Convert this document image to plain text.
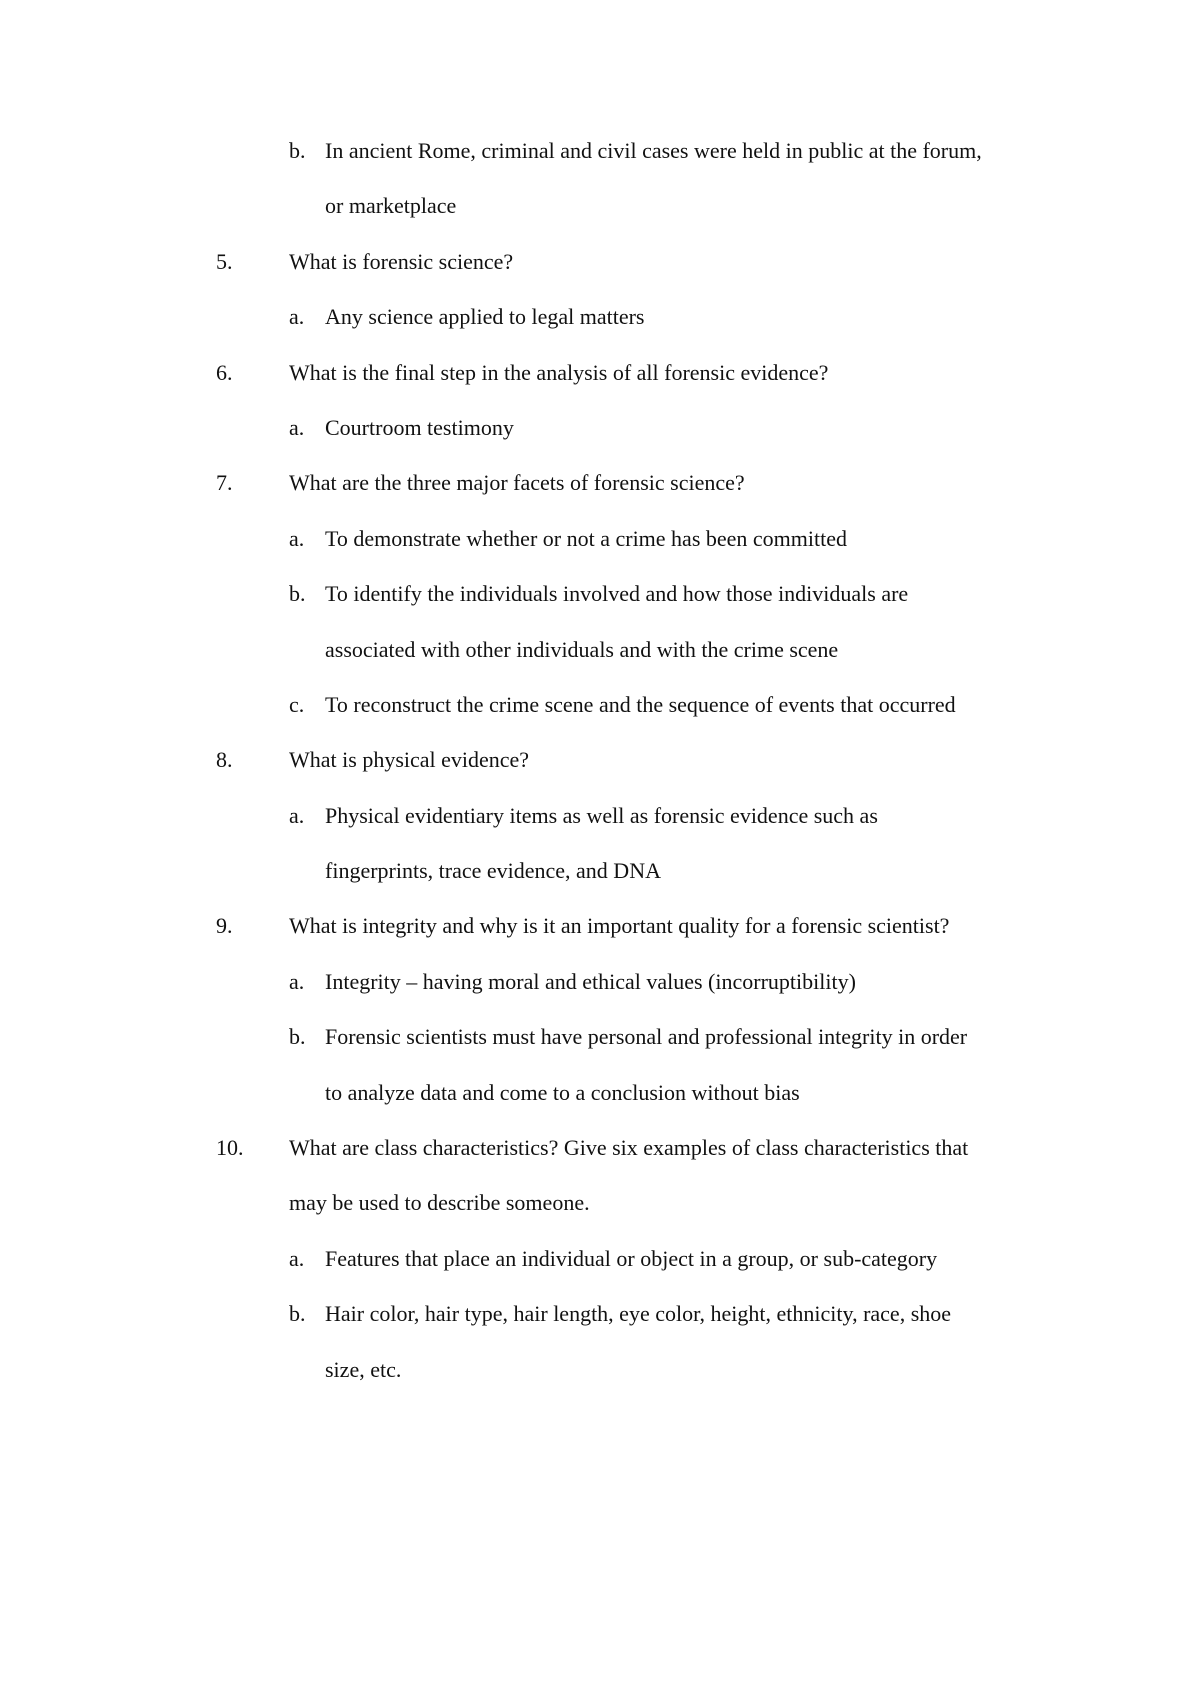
b. In ancient Rome, criminal and civil cases were held in public at the forum,
or marketplace
5.	What is forensic science?
a. Any science applied to legal matters
6.	What is the final step in the analysis of all forensic evidence?
a. Courtroom testimony
7.	What are the three major facets of forensic science?
a. To demonstrate whether or not a crime has been committed
b. To identify the individuals involved and how those individuals are
associated with other individuals and with the crime scene
c. To reconstruct the crime scene and the sequence of events that occurred
8.	What is physical evidence?
a. Physical evidentiary items as well as forensic evidence such as
fingerprints, trace evidence, and DNA
9.	What is integrity and why is it an important quality for a forensic scientist?
a. Integrity – having moral and ethical values (incorruptibility)
b. Forensic scientists must have personal and professional integrity in order
to analyze data and come to a conclusion without bias
10. What are class characteristics? Give six examples of class characteristics that
may be used to describe someone.
a. Features that place an individual or object in a group, or sub-category
b. Hair color, hair type, hair length, eye color, height, ethnicity, race, shoe
size, etc.
